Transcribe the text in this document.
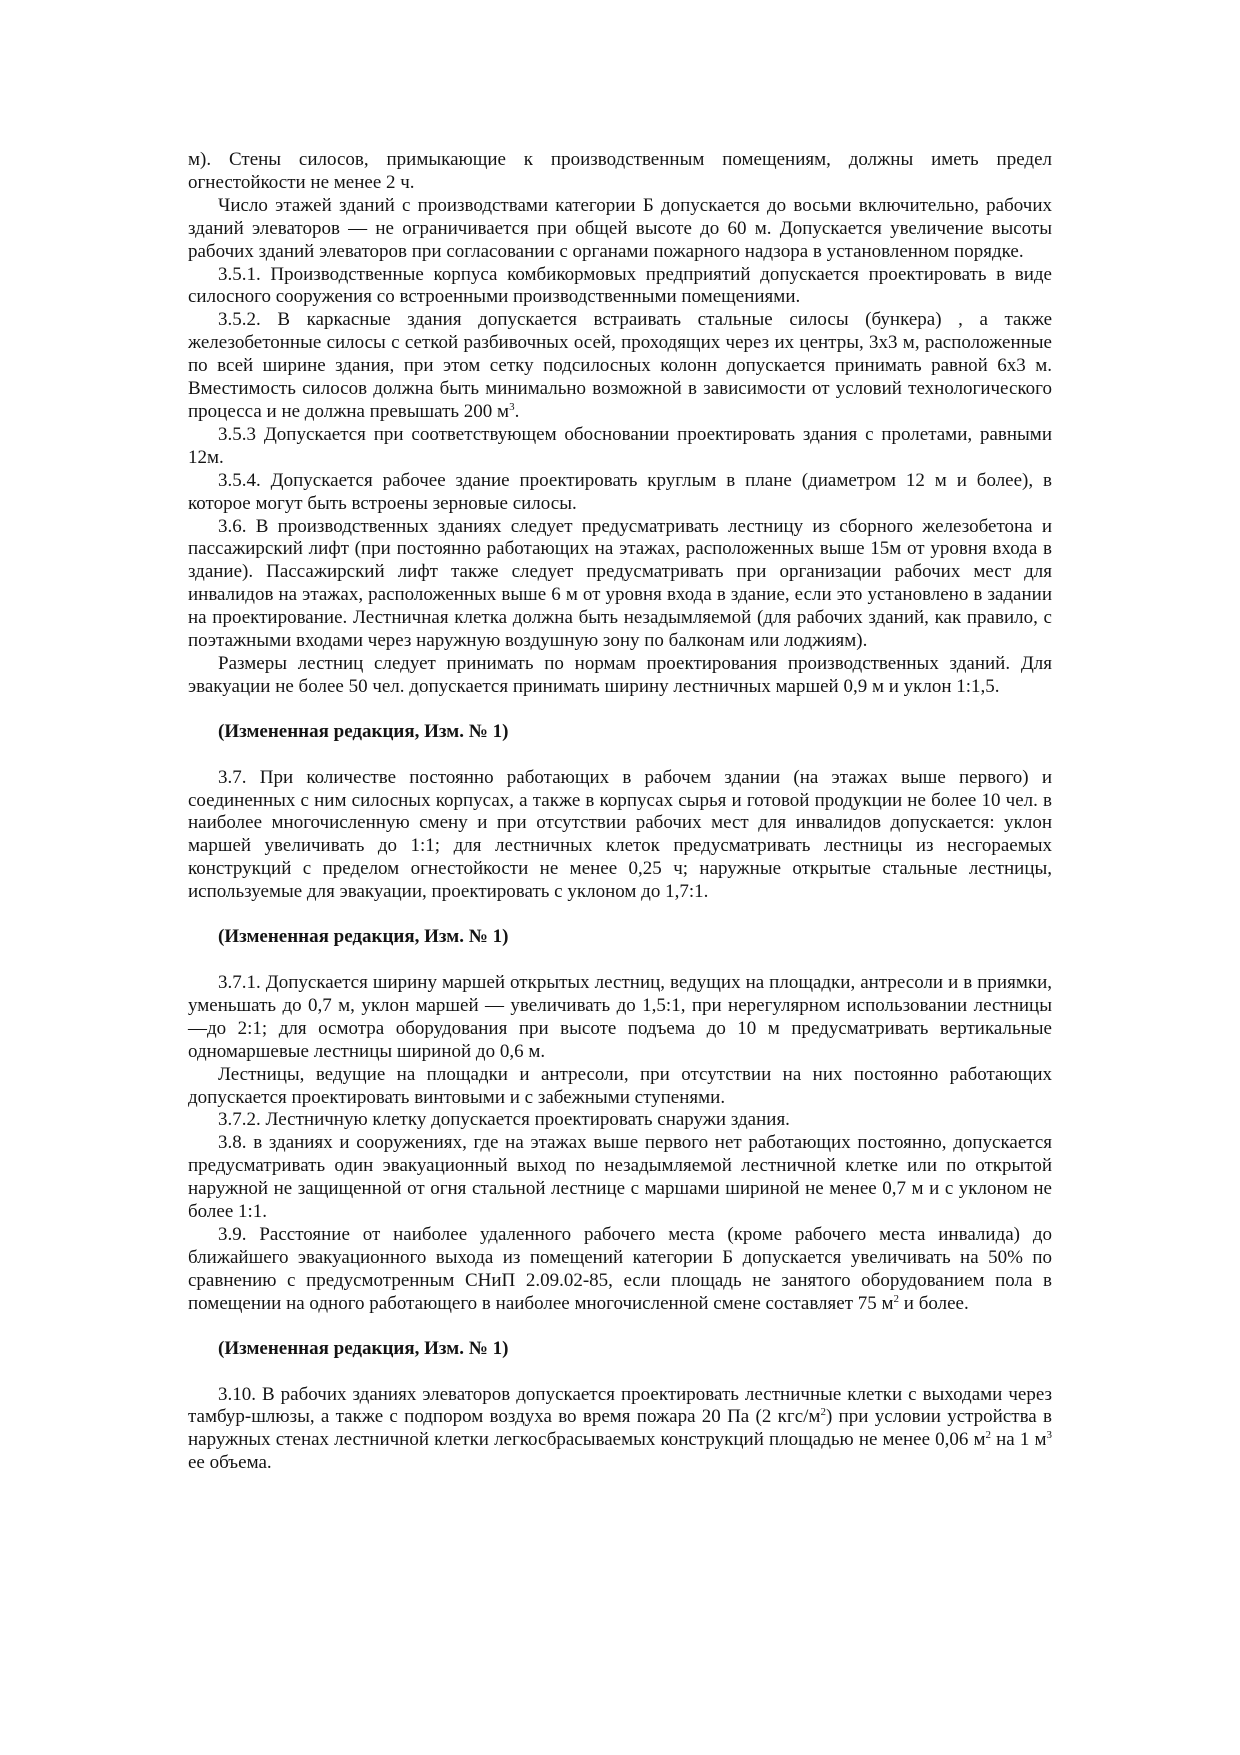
м). Стены силосов, примыкающие к производственным помещениям, должны иметь предел огнестойкости не менее 2 ч.

Число этажей зданий с производствами категории Б допускается до восьми включительно, рабочих зданий элеваторов — не ограничивается при общей высоте до 60 м. Допускается увеличение высоты рабочих зданий элеваторов при согласовании с органами пожарного надзора в установленном порядке.

3.5.1. Производственные корпуса комбикормовых предприятий допускается проектировать в виде силосного сооружения со встроенными производственными помещениями.

3.5.2. В каркасные здания допускается встраивать стальные силосы (бункера) , а также железобетонные силосы с сеткой разбивочных осей, проходящих через их центры, 3х3 м, расположенные по всей ширине здания, при этом сетку подсилосных колонн допускается принимать равной 6х3 м. Вместимость силосов должна быть минимально возможной в зависимости от условий технологического процесса и не должна превышать 200 $м^3$.

3.5.3 Допускается при соответствующем обосновании проектировать здания с пролетами, равными 12м.

3.5.4. Допускается рабочее здание проектировать круглым в плане (диаметром 12 м и более), в которое могут быть встроены зерновые силосы.

3.6. В производственных зданиях следует предусматривать лестницу из сборного железобетона и пассажирский лифт (при постоянно работающих на этажах, расположенных выше 15м от уровня входа в здание). Пассажирский лифт также следует предусматривать при организации рабочих мест для инвалидов на этажах, расположенных выше 6 м от уровня входа в здание, если это установлено в задании на проектирование. Лестничная клетка должна быть незадымляемой (для рабочих зданий, как правило, с поэтажными входами через наружную воздушную зону по балконам или лоджиям).

Размеры лестниц следует принимать по нормам проектирования производственных зданий. Для эвакуации не более 50 чел. допускается принимать ширину лестничных маршей 0,9 м и уклон 1:1,5.

(Измененная редакция, Изм. № 1)

3.7. При количестве постоянно работающих в рабочем здании (на этажах выше первого) и соединенных с ним силосных корпусах, а также в корпусах сырья и готовой продукции не более 10 чел. в наиболее многочисленную смену и при отсутствии рабочих мест для инвалидов допускается: уклон маршей увеличивать до 1:1; для лестничных клеток предусматривать лестницы из несгораемых конструкций с пределом огнестойкости не менее 0,25 ч; наружные открытые стальные лестницы, используемые для эвакуации, проектировать с уклоном до 1,7:1.

(Измененная редакция, Изм. № 1)

3.7.1. Допускается ширину маршей открытых лестниц, ведущих на площадки, антресоли и в приямки, уменьшать до 0,7 м, уклон маршей — увеличивать до 1,5:1, при нерегулярном использовании лестницы —до 2:1; для осмотра оборудования при высоте подъема до 10 м предусматривать вертикальные одномаршевые лестницы шириной до 0,6 м.

Лестницы, ведущие на площадки и антресоли, при отсутствии на них постоянно работающих допускается проектировать винтовыми и с забежными ступенями.

3.7.2. Лестничную клетку допускается проектировать снаружи здания.

3.8. в зданиях и сооружениях, где на этажах выше первого нет работающих постоянно, допускается предусматривать один эвакуационный выход по незадымляемой лестничной клетке или по открытой наружной не защищенной от огня стальной лестнице с маршами шириной не менее 0,7 м и с уклоном не более 1:1.

3.9. Расстояние от наиболее удаленного рабочего места (кроме рабочего места инвалида) до ближайшего эвакуационного выхода из помещений категории Б допускается увеличивать на 50% по сравнению с предусмотренным СНиП 2.09.02-85, если площадь не занятого оборудованием пола в помещении на одного работающего в наиболее многочисленной смене составляет 75 $м^2$ и более.

(Измененная редакция, Изм. № 1)

3.10. В рабочих зданиях элеваторов допускается проектировать лестничные клетки с выходами через тамбур-шлюзы, а также с подпором воздуха во время пожара 20 Па (2 кгс/$м^2$) при условии устройства в наружных стенах лестничной клетки легкосбрасываемых конструкций площадью не менее 0,06 $м^2$ на 1 $м^3$ ее объема.
